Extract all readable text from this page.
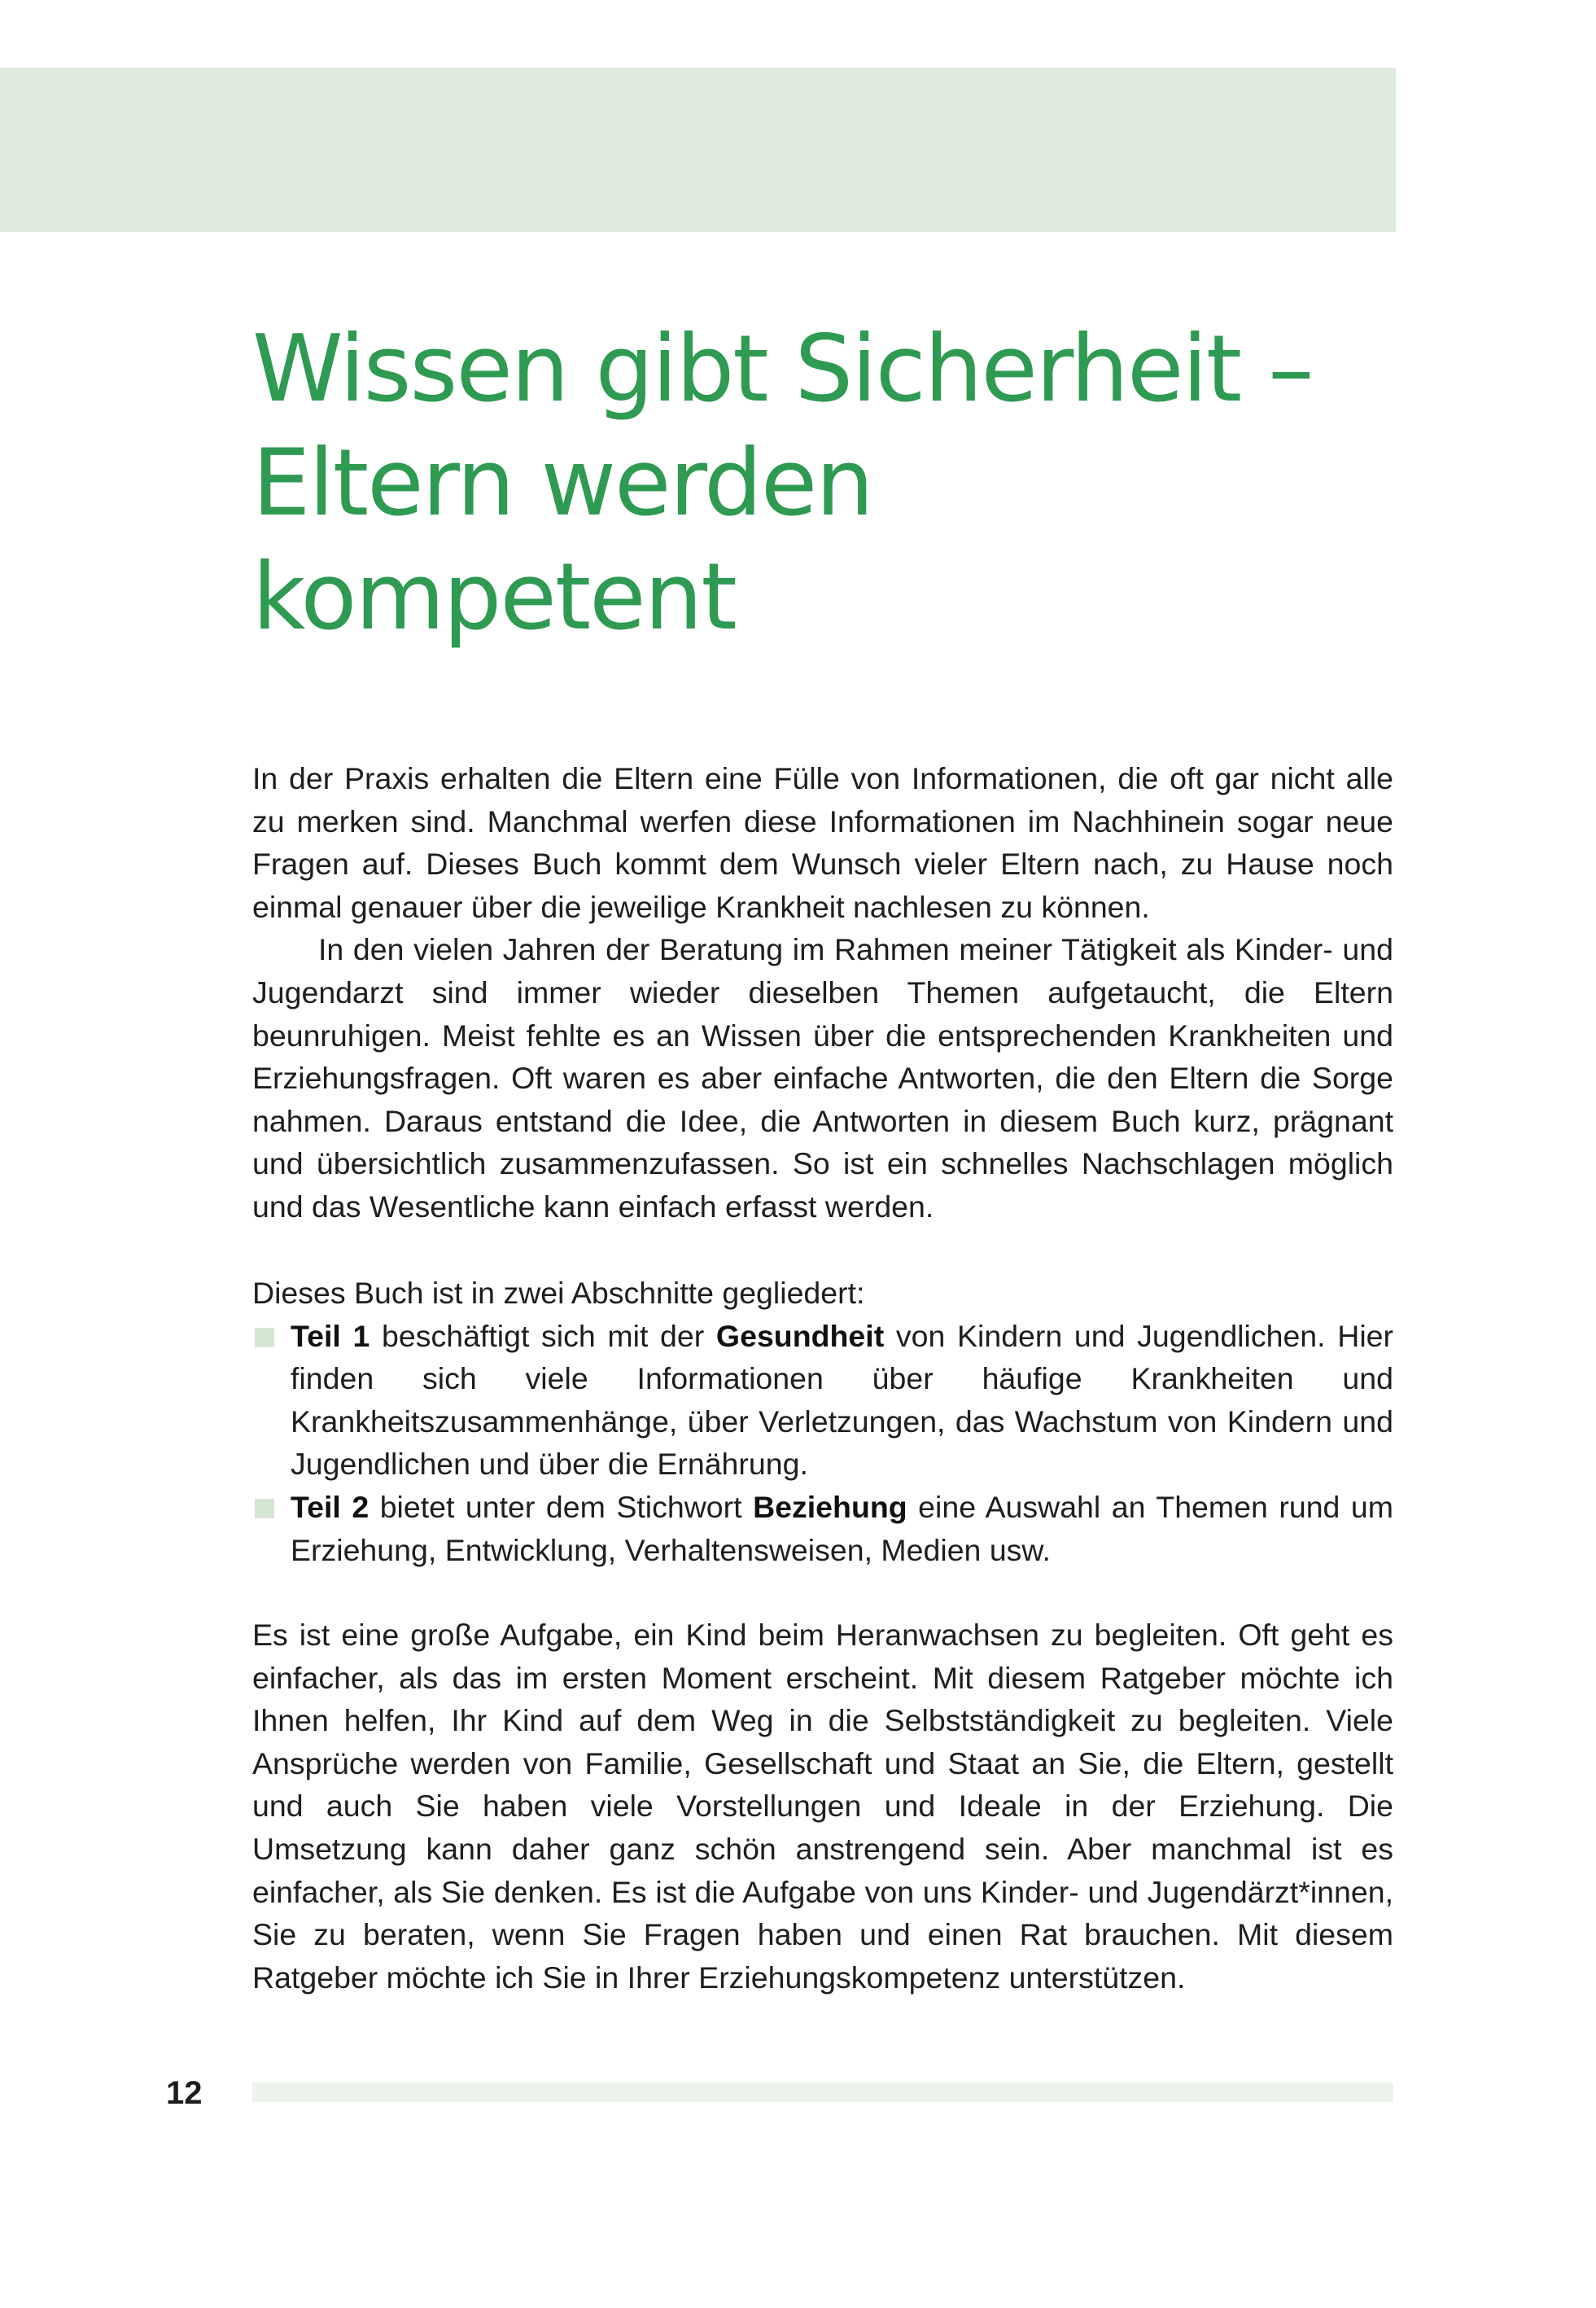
Wissen gibt Sicherheit –
Eltern werden
kompetent

In der Praxis erhalten die Eltern eine Fülle von Informationen, die oft gar nicht alle zu merken sind. Manchmal werfen diese Informationen im Nachhinein sogar neue Fragen auf. Dieses Buch kommt dem Wunsch vieler Eltern nach, zu Hause noch einmal genauer über die jeweilige Krankheit nachlesen zu können.

In den vielen Jahren der Beratung im Rahmen meiner Tätigkeit als Kinder- und Jugendarzt sind immer wieder dieselben Themen aufgetaucht, die Eltern beunruhigen. Meist fehlte es an Wissen über die entsprechenden Krankheiten und Erziehungsfragen. Oft waren es aber einfache Antworten, die den Eltern die Sorge nahmen. Daraus entstand die Idee, die Antworten in diesem Buch kurz, prägnant und übersichtlich zusammenzufassen. So ist ein schnelles Nachschlagen möglich und das Wesentliche kann einfach erfasst werden.

Dieses Buch ist in zwei Abschnitte gegliedert:

Teil 1 beschäftigt sich mit der Gesundheit von Kindern und Jugendlichen. Hier finden sich viele Informationen über häufige Krankheiten und Krankheitszusammenhänge, über Verletzungen, das Wachstum von Kindern und Jugendlichen und über die Ernährung.
Teil 2 bietet unter dem Stichwort Beziehung eine Auswahl an Themen rund um Erziehung, Entwicklung, Verhaltensweisen, Medien usw.

Es ist eine große Aufgabe, ein Kind beim Heranwachsen zu begleiten. Oft geht es einfacher, als das im ersten Moment erscheint. Mit diesem Ratgeber möchte ich Ihnen helfen, Ihr Kind auf dem Weg in die Selbstständigkeit zu begleiten. Viele Ansprüche werden von Familie, Gesellschaft und Staat an Sie, die Eltern, gestellt und auch Sie haben viele Vorstellungen und Ideale in der Erziehung. Die Umsetzung kann daher ganz schön anstrengend sein. Aber manchmal ist es einfacher, als Sie denken. Es ist die Aufgabe von uns Kinder- und Jugendärzt*innen, Sie zu beraten, wenn Sie Fragen haben und einen Rat brauchen. Mit diesem Ratgeber möchte ich Sie in Ihrer Erziehungskompetenz unterstützen.

12
